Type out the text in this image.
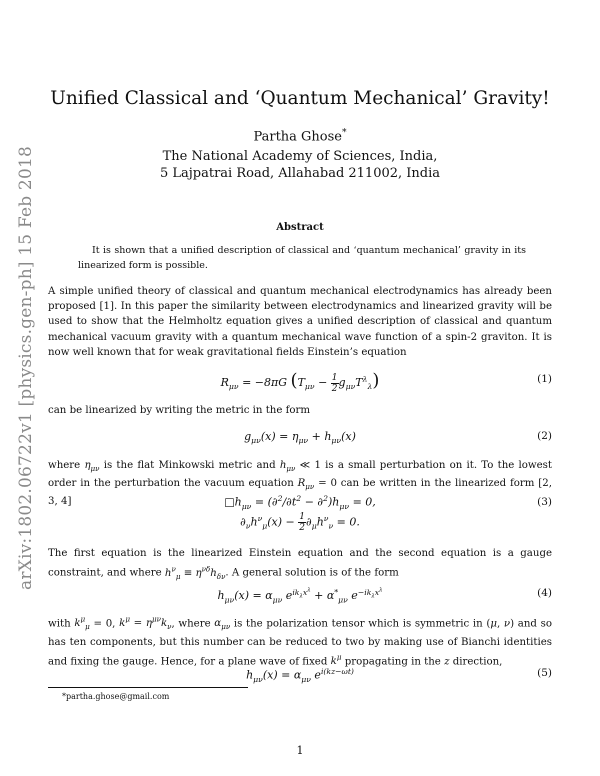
arXiv:1802.06722v1 [physics.gen-ph] 15 Feb 2018
Unified Classical and ‘Quantum Mechanical’ Gravity!
Partha Ghose*
The National Academy of Sciences, India,
5 Lajpatrai Road, Allahabad 211002, India
Abstract
It is shown that a unified description of classical and ‘quantum mechanical’ gravity in its linearized form is possible.
A simple unified theory of classical and quantum mechanical electrodynamics has already been proposed [1]. In this paper the similarity between electrodynamics and linearized gravity will be used to show that the Helmholtz equation gives a unified description of classical and quantum mechanical vacuum gravity with a quantum mechanical wave function of a spin-2 graviton. It is now well known that for weak gravitational fields Einstein’s equation
$R_{\mu\nu} = -8\pi G$ $(T_{\mu\nu} - \frac{1}{2} g_{\mu\nu}T^\lambda_\lambda)$	(1)
can be linearized by writing the metric in the form
$g_{\mu\nu}(x) = \eta_{\mu\nu} + h_{\mu\nu}(x)$	(2)
where $\eta_{\mu\nu}$ is the flat Minkowski metric and $h_{\mu\nu}$ ≪ 1 is a small perturbation on it. To the lowest order in the perturbation the vacuum equation $R_{\mu\nu} = 0$ can be written in the linearized form [2, 3, 4]	$□h_{\mu\nu} = (\partial^2/\partial t^2 - \partial^2)h_{\mu\nu} = 0$,
$\partial_\nu h^\nu_\mu(x) - \frac{1}{2} \partial_\mu h^\nu_\nu = 0$.
(3)
The first equation is the linearized Einstein equation and the second equation is a gauge constraint, and where $h^\nu_\mu \equiv \eta^{\nu\delta}h_{\delta\nu}$. A general solution is of the form
$h_{\mu\nu}(x) = \alpha_{\mu\nu}$ $e^{ik_\lambda x^\lambda} + \alpha^*_{\mu\nu}$ $e^{-ik_\lambda x^\lambda}$	(4)
with $k^\mu_\mu = 0$, $k^\mu = \eta^{\mu\nu}k_\nu$, where $\alpha_{\mu\nu}$ is the polarization tensor which is symmetric in (μ, ν) and so has ten components, but this number can be reduced to two by making use of Bianchi identities and fixing the gauge. Hence, for a plane wave of fixed $k^\mu$ propagating in the z direction,
$h_{\mu\nu}(x) = \alpha_{\mu\nu}$ $e^{i(kz-\omega t)}$	(5)
*partha.ghose@gmail.com
1
